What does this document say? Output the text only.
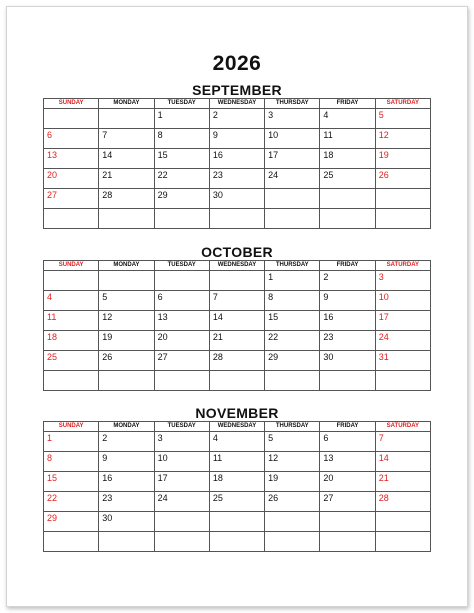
2026
SEPTEMBER
SUNDAY	MONDAY	TUESDAY	WEDNESDAY	THURSDAY	FRIDAY	SATURDAY

		1	2	3	4	5

6	7	8	9	10	11	12

13	14	15	16	17	18	19

20	21	22	23	24	25	26

27	28	29	30			

OCTOBER
SUNDAY	MONDAY	TUESDAY	WEDNESDAY	THURSDAY	FRIDAY	SATURDAY

				1	2	3

4	5	6	7	8	9	10

11	12	13	14	15	16	17

18	19	20	21	22	23	24

25	26	27	28	29	30	31

NOVEMBER
SUNDAY	MONDAY	TUESDAY	WEDNESDAY	THURSDAY	FRIDAY	SATURDAY

1	2	3	4	5	6	7

8	9	10	11	12	13	14

15	16	17	18	19	20	21

22	23	24	25	26	27	28

29	30					
